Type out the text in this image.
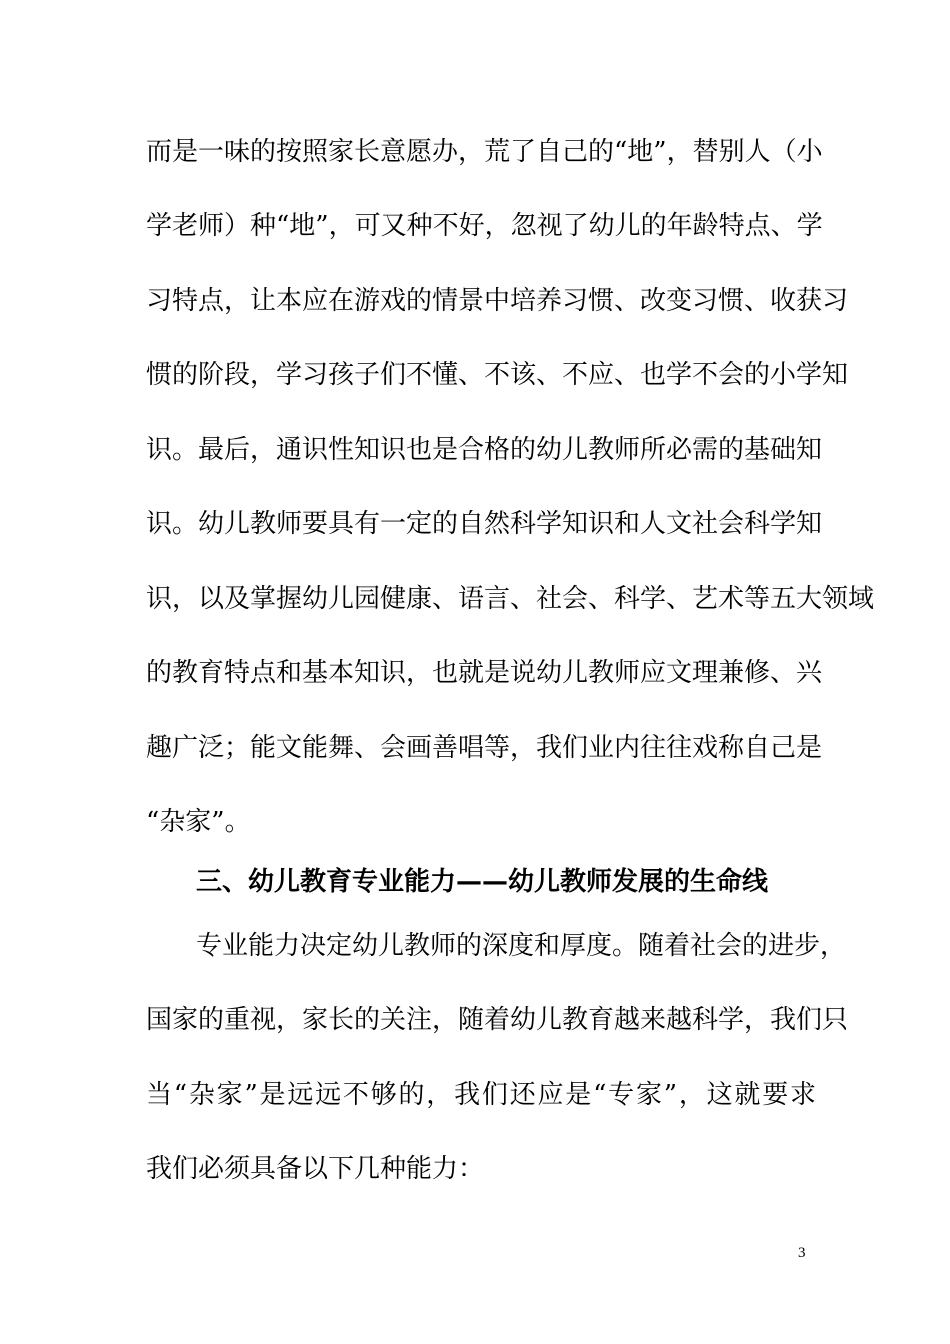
而是一味的按照家长意愿办，荒了自己的“地”，替别人（小
学老师）种“地”，可又种不好，忽视了幼儿的年龄特点、学
习特点，让本应在游戏的情景中培养习惯、改变习惯、收获习
惯的阶段，学习孩子们不懂、不该、不应、也学不会的小学知
识。最后，通识性知识也是合格的幼儿教师所必需的基础知
识。幼儿教师要具有一定的自然科学知识和人文社会科学知
识，以及掌握幼儿园健康、语言、社会、科学、艺术等五大领域
的教育特点和基本知识，也就是说幼儿教师应文理兼修、兴
趣广泛；能文能舞、会画善唱等，我们业内往往戏称自己是
“杂家”。
三、幼儿教育专业能力——幼儿教师发展的生命线
专业能力决定幼儿教师的深度和厚度。随着社会的进步，
国家的重视，家长的关注，随着幼儿教育越来越科学，我们只
当“杂家”是远远不够的，我们还应是“专家”，这就要求
我们必须具备以下几种能力：
3
